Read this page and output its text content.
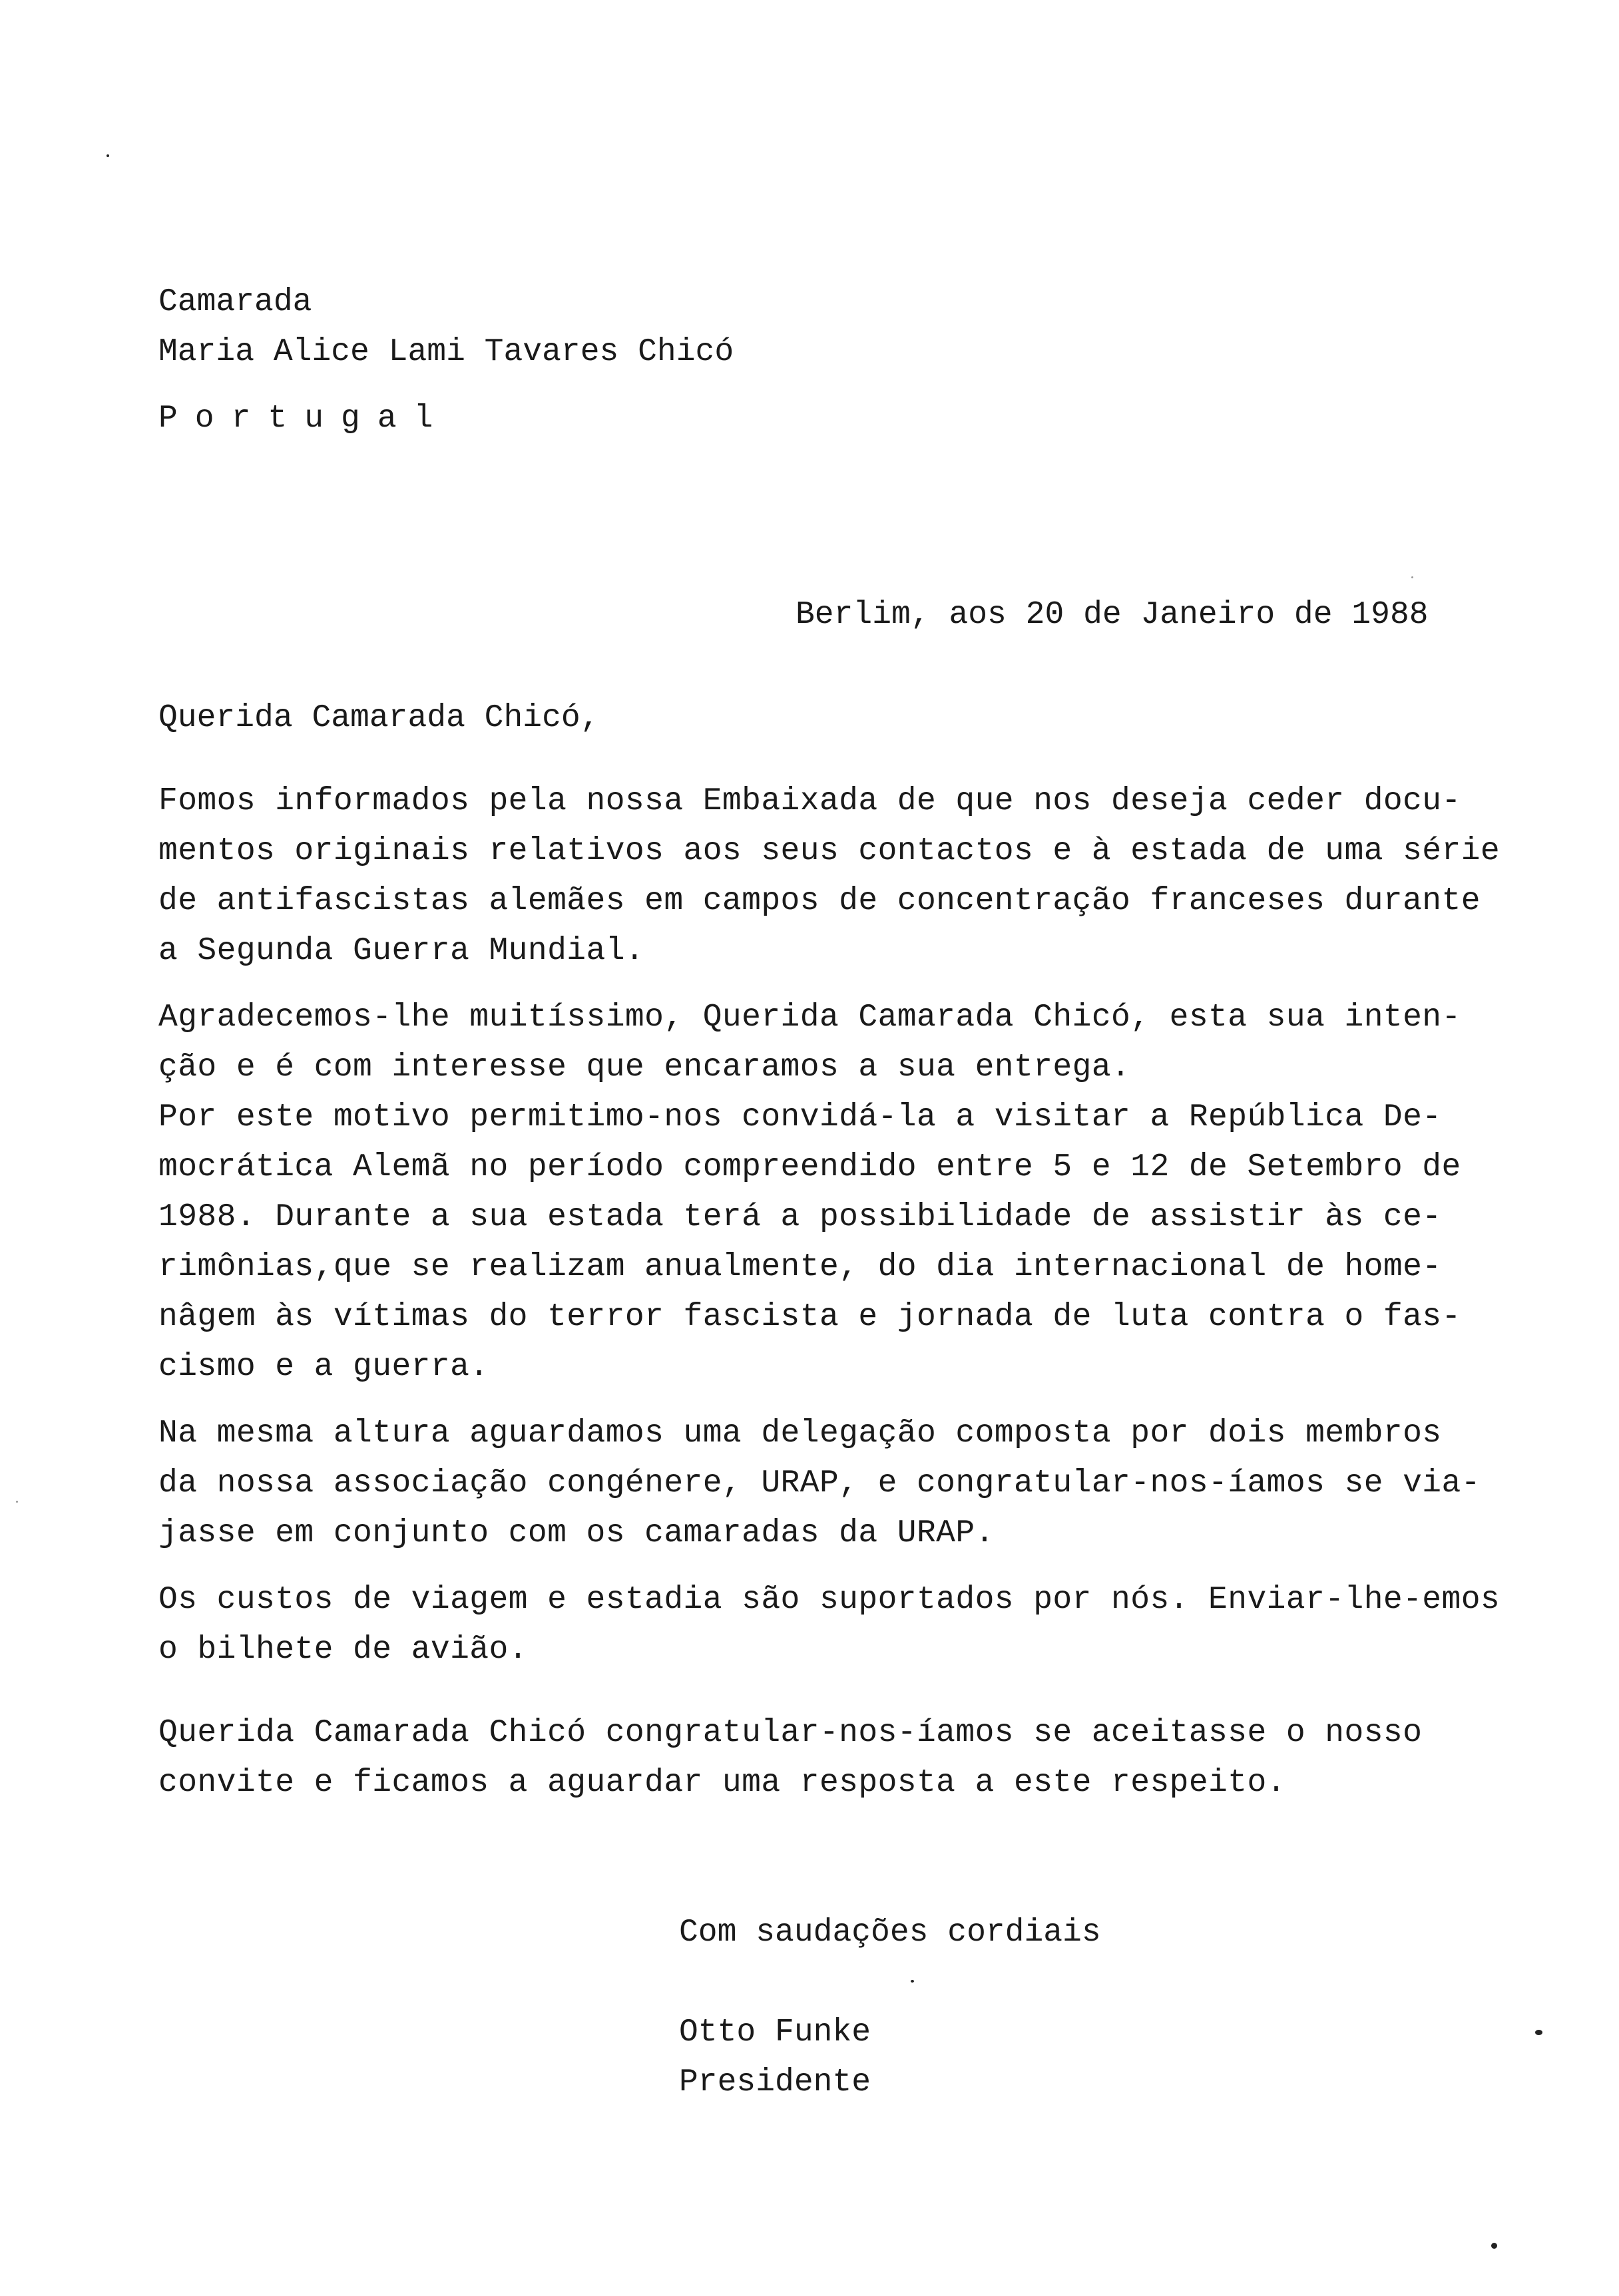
Camarada
Maria Alice Lami Tavares Chicó
Portugal
Berlim, aos 20 de Janeiro de 1988
Querida Camarada Chicó,
Fomos informados pela nossa Embaixada de que nos deseja ceder docu-
mentos originais relativos aos seus contactos e à estada de uma série
de antifascistas alemães em campos de concentração franceses durante
a Segunda Guerra Mundial.
Agradecemos-lhe muitíssimo, Querida Camarada Chicó, esta sua inten-
ção e é com interesse que encaramos a sua entrega.
Por este motivo permitimo-nos convidá-la a visitar a República De-
mocrática Alemã no período compreendido entre 5 e 12 de Setembro de
1988. Durante a sua estada terá a possibilidade de assistir às ce-
rimônias,que se realizam anualmente, do dia internacional de home-
nâgem às vítimas do terror fascista e jornada de luta contra o fas-
cismo e a guerra.
Na mesma altura aguardamos uma delegação composta por dois membros
da nossa associação congénere, URAP, e congratular-nos-íamos se via-
jasse em conjunto com os camaradas da URAP.
Os custos de viagem e estadia são suportados por nós. Enviar-lhe-emos
o bilhete de avião.
Querida Camarada Chicó congratular-nos-íamos se aceitasse o nosso
convite e ficamos a aguardar uma resposta a este respeito.
Com saudações cordiais
Otto Funke
Presidente
